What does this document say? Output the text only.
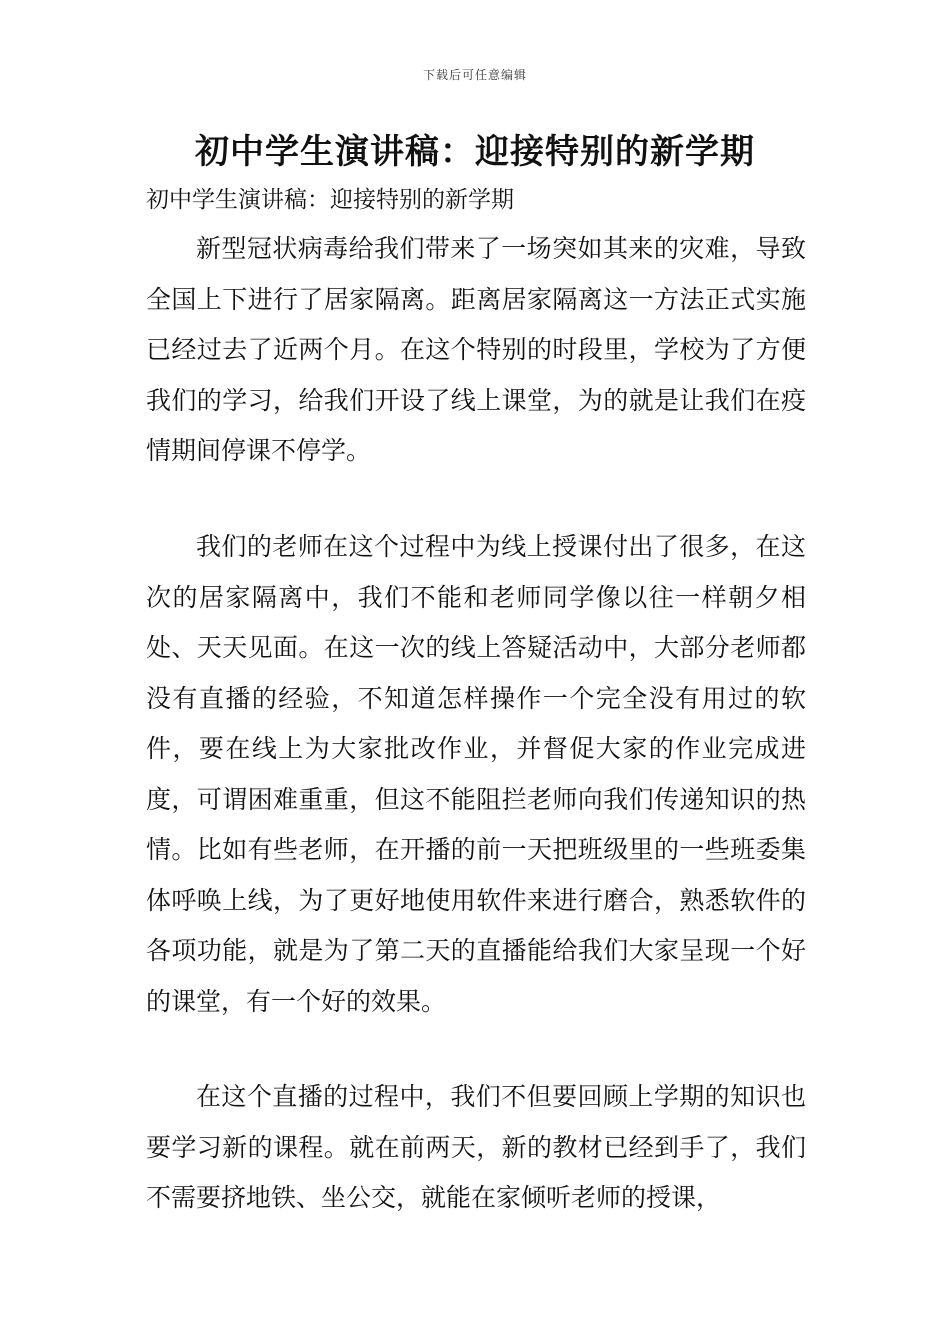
下载后可任意编辑
初中学生演讲稿：迎接特别的新学期

初中学生演讲稿：迎接特别的新学期

新型冠状病毒给我们带来了一场突如其来的灾难，导致全国上下进行了居家隔离。距离居家隔离这一方法正式实施已经过去了近两个月。在这个特别的时段里，学校为了方便我们的学习，给我们开设了线上课堂，为的就是让我们在疫情期间停课不停学。

我们的老师在这个过程中为线上授课付出了很多，在这次的居家隔离中，我们不能和老师同学像以往一样朝夕相处、天天见面。在这一次的线上答疑活动中，大部分老师都没有直播的经验，不知道怎样操作一个完全没有用过的软件，要在线上为大家批改作业，并督促大家的作业完成进度，可谓困难重重，但这不能阻拦老师向我们传递知识的热情。比如有些老师，在开播的前一天把班级里的一些班委集体呼唤上线，为了更好地使用软件来进行磨合，熟悉软件的各项功能，就是为了第二天的直播能给我们大家呈现一个好的课堂，有一个好的效果。

在这个直播的过程中，我们不但要回顾上学期的知识也要学习新的课程。就在前两天，新的教材已经到手了，我们不需要挤地铁、坐公交，就能在家倾听老师的授课，
